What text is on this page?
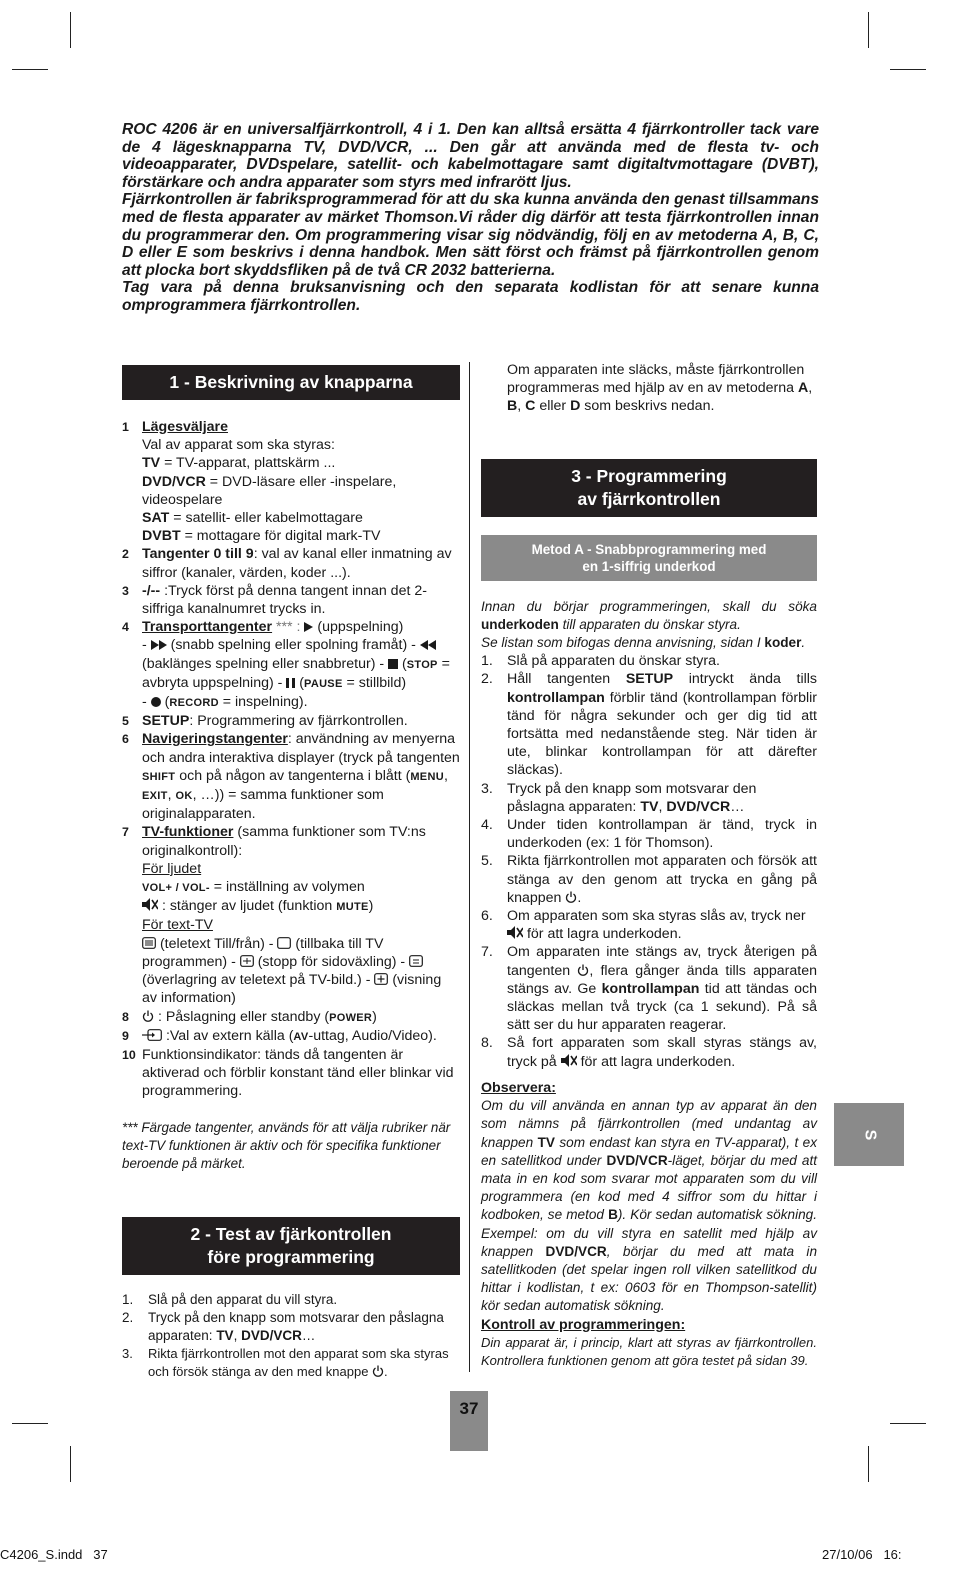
ROC 4206 är en universalfjärrkontroll, 4 i 1. Den kan alltså ersätta 4 fjärrkontroller tack vare de 4 lägesknapparna TV, DVD/VCR, ... Den går att använda med de flesta tv- och videoapparater, DVDspelare, satellit- och kabelmottagare samt digitaltvmottagare (DVBT), förstärkare och andra apparater som styrs med infrarött ljus.

Fjärrkontrollen är fabriksprogrammerad för att du ska kunna använda den genast tillsammans med de flesta apparater av märket Thomson.Vi råder dig därför att testa fjärrkontrollen innan du programmerar den. Om programmering visar sig nödvändig, följ en av metoderna A, B, C, D eller E som beskrivs i denna handbok. Men sätt först och främst på fjärrkontrollen genom att plocka bort skyddsfliken på de två CR 2032 batterierna.

Tag vara på denna bruksanvisning och den separata kodlistan för att senare kunna omprogrammera fjärrkontrollen.

1 - Beskrivning av knapparna
1 Lägesväljare
Val av apparat som ska styras:
TV = TV-apparat, plattskärm ...
DVD/VCR = DVD-läsare eller -inspelare, videospelare
SAT = satellit- eller kabelmottagare
DVBT = mottagare för digital mark-TV
2 Tangenter 0 till 9: val av kanal eller inmatning av siffror (kanaler, värden, koder ...).
3 -/-- :Tryck först på denna tangent innan det 2-siffriga kanalnumret trycks in.
4 Transporttangenter *** :  (uppspelning)
-  (snabb spelning eller spolning framåt) -  (baklänges spelning eller snabbretur) -  (STOP = avbryta uppspelning) -  (PAUSE = stillbild)
-  (RECORD = inspelning).
5 SETUP: Programmering av fjärrkontrollen.
6 Navigeringstangenter: användning av menyerna och andra interaktiva displayer (tryck på tangenten SHIFT och på någon av tangenterna i blått (MENU, EXIT, OK, …)) = samma funktioner som originalapparaten.
7 TV-funktioner (samma funktioner som TV:ns originalkontroll):
För ljudet
VOL+ / VOL- = inställning av volymen
: stänger av ljudet (funktion MUTE)
För text-TV
(teletext Till/från) -  (tillbaka till TV programmen) -  (stopp för sidoväxling) -  (överlagring av teletext på TV-bild.) -  (visning av information)
8 : Påslagning eller standby (POWER)
9 :Val av extern källa (AV-uttag, Audio/Video).
10 Funktionsindikator: tänds då tangenten är aktiverad och förblir konstant tänd eller blinkar vid programmering.
*** Färgade tangenter, används för att välja rubriker när text-TV funktionen är aktiv och för specifika funktioner beroende på märket.
2 - Test av fjärkontrollen
före programmering
1. Slå på den apparat du vill styra.
2. Tryck på den knapp som motsvarar den påslagna apparaten: TV, DVD/VCR…
3. Rikta fjärrkontrollen mot den apparat som ska styras och försök stänga av den med knappe .
Om apparaten inte släcks, måste fjärrkontrollen programmeras med hjälp av en av metoderna A, B, C eller D som beskrivs nedan.
3 - Programmering
av fjärrkontrollen
Metod A - Snabbprogrammering med
en 1-siffrig underkod
Innan du börjar programmeringen, skall du söka underkoden till apparaten du önskar styra.
Se listan som bifogas denna anvisning, sidan I koder.
1. Slå på apparaten du önskar styra.
2. Håll tangenten SETUP intryckt ända tills kontrollampan förblir tänd (kontrollampan förblir tänd för några sekunder och ger dig tid att fortsätta med nedanstående steg. När tiden är ute, blinkar kontrollampan för att därefter släckas).
3. Tryck på den knapp som motsvarar den påslagna apparaten: TV, DVD/VCR…
4. Under tiden kontrollampan är tänd, tryck in underkoden (ex: 1 för Thomson).
5. Rikta fjärrkontrollen mot apparaten och försök att stänga av den genom att trycka en gång på knappen .
6. Om apparaten som ska styras slås av, tryck ner  för att lagra underkoden.
7. Om apparaten inte stängs av, tryck återigen på tangenten , flera gånger ända tills apparaten stängs av. Ge kontrollampan tid att tändas och släckas mellan två tryck (ca 1 sekund). På så sätt ser du hur apparaten reagerar.
8. Så fort apparaten som skall styras stängs av, tryck på  för att lagra underkoden.
Observera:
Om du vill använda en annan typ av apparat än den som nämns på fjärrkontrollen (med undantag av knappen TV som endast kan styra en TV-apparat), t ex en satellitkod under DVD/VCR-läget, börjar du med att mata in en kod som svarar mot apparaten som du vill programmera (en kod med 4 siffror som du hittar i kodboken, se metod B). Kör sedan automatisk sökning. Exempel: om du vill styra en satellit med hjälp av knappen DVD/VCR, börjar du med att mata in satellitkoden (det spelar ingen roll vilken satellitkod du hittar i kodlistan, t ex: 0603 för en Thompson-satellit) kör sedan automatisk sökning.
Kontroll av programmeringen:
Din apparat är, i princip, klart att styras av fjärrkontrollen. Kontrollera funktionen genom att göra testet på sidan 39.
S
37
C4206_S.indd   37	27/10/06   16:
